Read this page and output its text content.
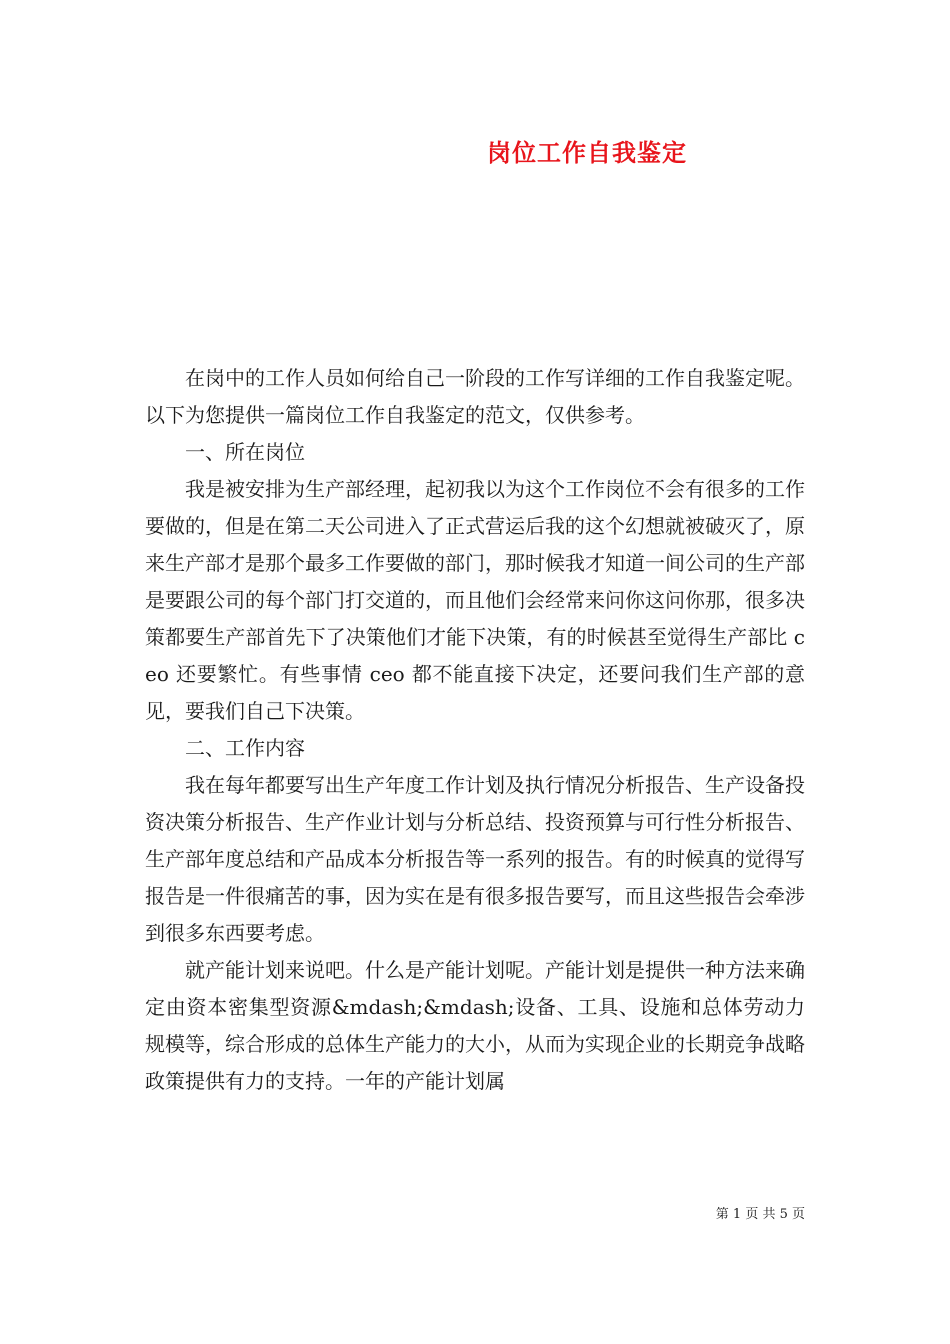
岗位工作自我鉴定

在岗中的工作人员如何给自己一阶段的工作写详细的工作自我鉴定呢。以下为您提供一篇岗位工作自我鉴定的范文，仅供参考。

一、所在岗位

我是被安排为生产部经理，起初我以为这个工作岗位不会有很多的工作要做的，但是在第二天公司进入了正式营运后我的这个幻想就被破灭了，原来生产部才是那个最多工作要做的部门，那时候我才知道一间公司的生产部是要跟公司的每个部门打交道的，而且他们会经常来问你这问你那，很多决策都要生产部首先下了决策他们才能下决策，有的时候甚至觉得生产部比 ceo 还要繁忙。有些事情 ceo 都不能直接下决定，还要问我们生产部的意见，要我们自己下决策。

二、工作内容

我在每年都要写出生产年度工作计划及执行情况分析报告、生产设备投资决策分析报告、生产作业计划与分析总结、投资预算与可行性分析报告、生产部年度总结和产品成本分析报告等一系列的报告。有的时候真的觉得写报告是一件很痛苦的事，因为实在是有很多报告要写，而且这些报告会牵涉到很多东西要考虑。

就产能计划来说吧。什么是产能计划呢。产能计划是提供一种方法来确定由资本密集型资源&mdash;&mdash;设备、工具、设施和总体劳动力规模等，综合形成的总体生产能力的大小，从而为实现企业的长期竞争战略政策提供有力的支持。一年的产能计划属

第 1 页 共 5 页
